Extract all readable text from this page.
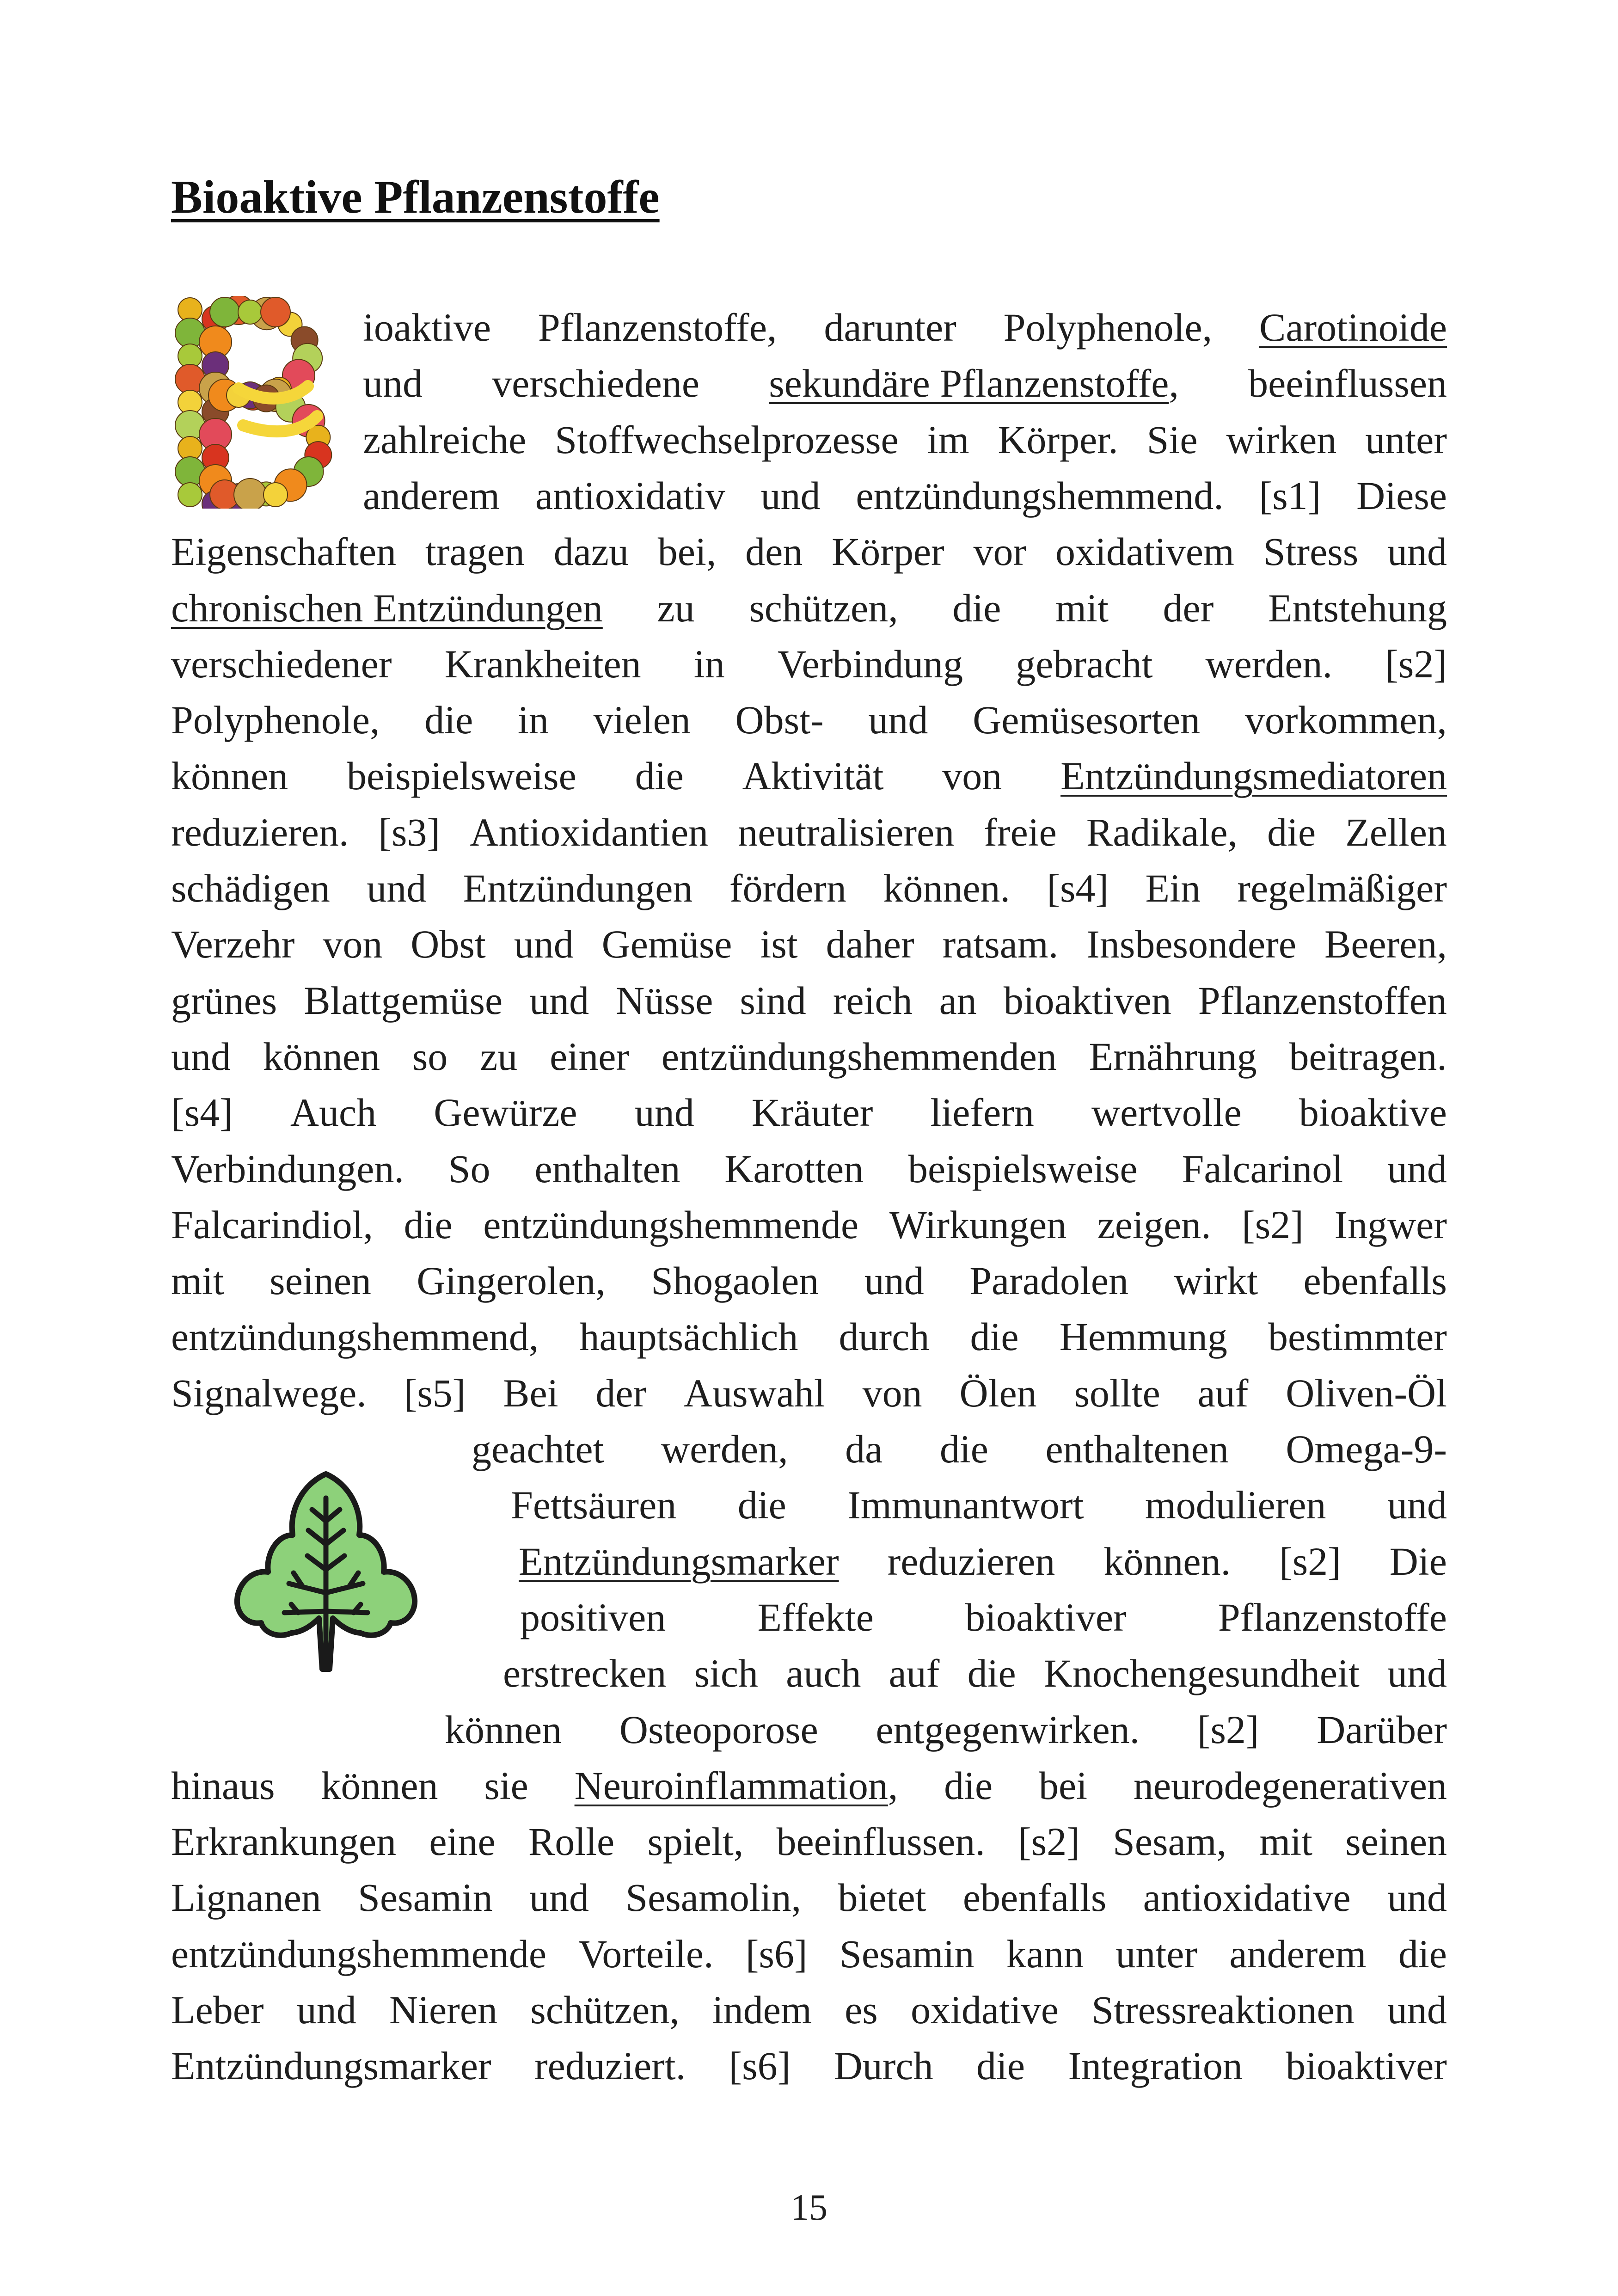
Bioaktive Pflanzenstoffe
ioaktive Pflanzenstoffe, darunter Polyphenole, Carotinoide
und verschiedene sekundäre Pflanzenstoffe, beeinflussen
zahlreiche Stoffwechselprozesse im Körper. Sie wirken unter
anderem antioxidativ und entzündungshemmend. [s1] Diese
Eigenschaften tragen dazu bei, den Körper vor oxidativem Stress und
chronischen Entzündungen zu schützen, die mit der Entstehung
verschiedener Krankheiten in Verbindung gebracht werden. [s2]
Polyphenole, die in vielen Obst- und Gemüsesorten vorkommen,
können beispielsweise die Aktivität von Entzündungsmediatoren
reduzieren. [s3] Antioxidantien neutralisieren freie Radikale, die Zellen
schädigen und Entzündungen fördern können. [s4] Ein regelmäßiger
Verzehr von Obst und Gemüse ist daher ratsam. Insbesondere Beeren,
grünes Blattgemüse und Nüsse sind reich an bioaktiven Pflanzenstoffen
und können so zu einer entzündungshemmenden Ernährung beitragen.
[s4] Auch Gewürze und Kräuter liefern wertvolle bioaktive
Verbindungen. So enthalten Karotten beispielsweise Falcarinol und
Falcarindiol, die entzündungshemmende Wirkungen zeigen. [s2] Ingwer
mit seinen Gingerolen, Shogaolen und Paradolen wirkt ebenfalls
entzündungshemmend, hauptsächlich durch die Hemmung bestimmter
Signalwege. [s5] Bei der Auswahl von Ölen sollte auf Oliven-Öl
geachtet werden, da die enthaltenen Omega-9-
Fettsäuren die Immunantwort modulieren und
Entzündungsmarker reduzieren können. [s2] Die
positiven Effekte bioaktiver Pflanzenstoffe
erstrecken sich auch auf die Knochengesundheit und
können Osteoporose entgegenwirken. [s2] Darüber
hinaus können sie Neuroinflammation, die bei neurodegenerativen
Erkrankungen eine Rolle spielt, beeinflussen. [s2] Sesam, mit seinen
Lignanen Sesamin und Sesamolin, bietet ebenfalls antioxidative und
entzündungshemmende Vorteile. [s6] Sesamin kann unter anderem die
Leber und Nieren schützen, indem es oxidative Stressreaktionen und
Entzündungsmarker reduziert. [s6] Durch die Integration bioaktiver
15
